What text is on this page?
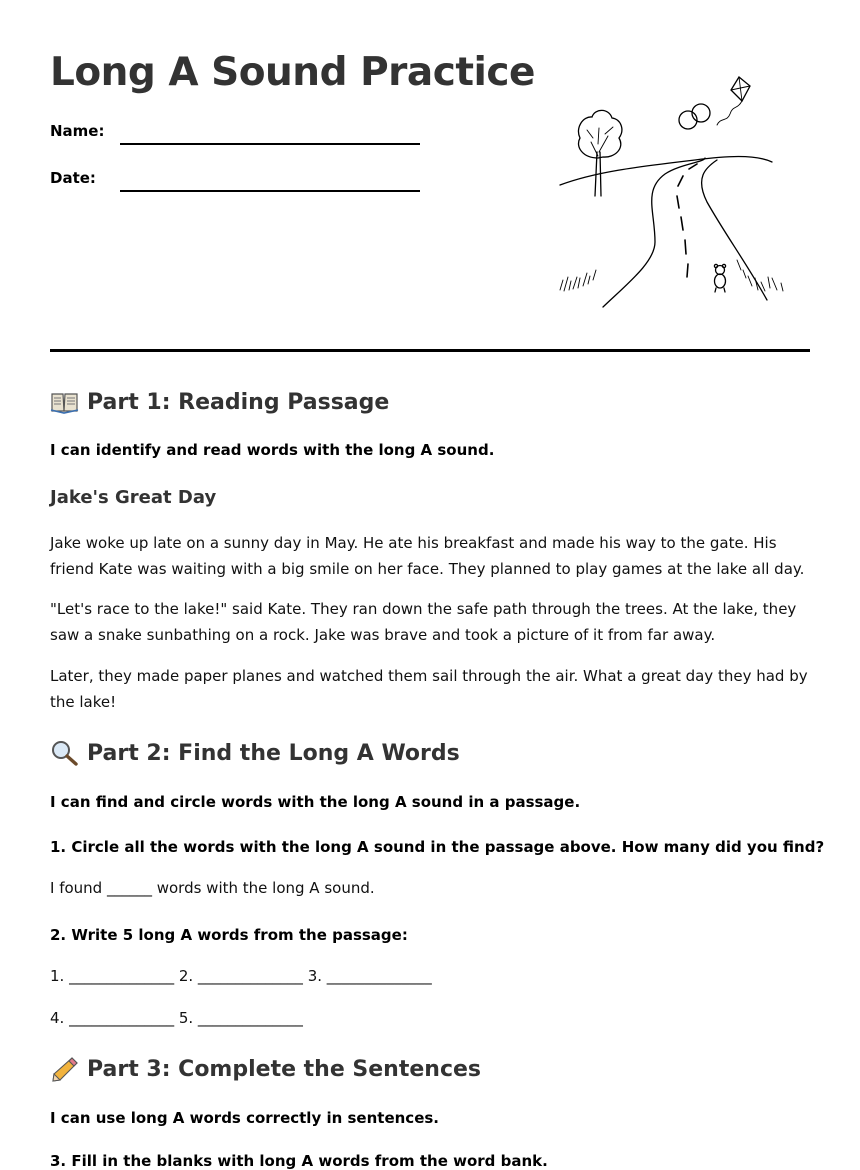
Long A Sound Practice
Name:
Date:
Part 1: Reading Passage
I can identify and read words with the long A sound.
Jake's Great Day

Jake woke up late on a sunny day in May. He ate his breakfast and made his way to the gate. His friend Kate was waiting with a big smile on her face. They planned to play games at the lake all day.

"Let's race to the lake!" said Kate. They ran down the safe path through the trees. At the lake, they saw a snake sunbathing on a rock. Jake was brave and took a picture of it from far away.

Later, they made paper planes and watched them sail through the air. What a great day they had by the lake!

Part 2: Find the Long A Words
I can find and circle words with the long A sound in a passage.
1. Circle all the words with the long A sound in the passage above. How many did you find?
I found ______ words with the long A sound.
2. Write 5 long A words from the passage:
1. ______________ 2. ______________ 3. ______________
4. ______________ 5. ______________
Part 3: Complete the Sentences
I can use long A words correctly in sentences.
3. Fill in the blanks with long A words from the word bank.
